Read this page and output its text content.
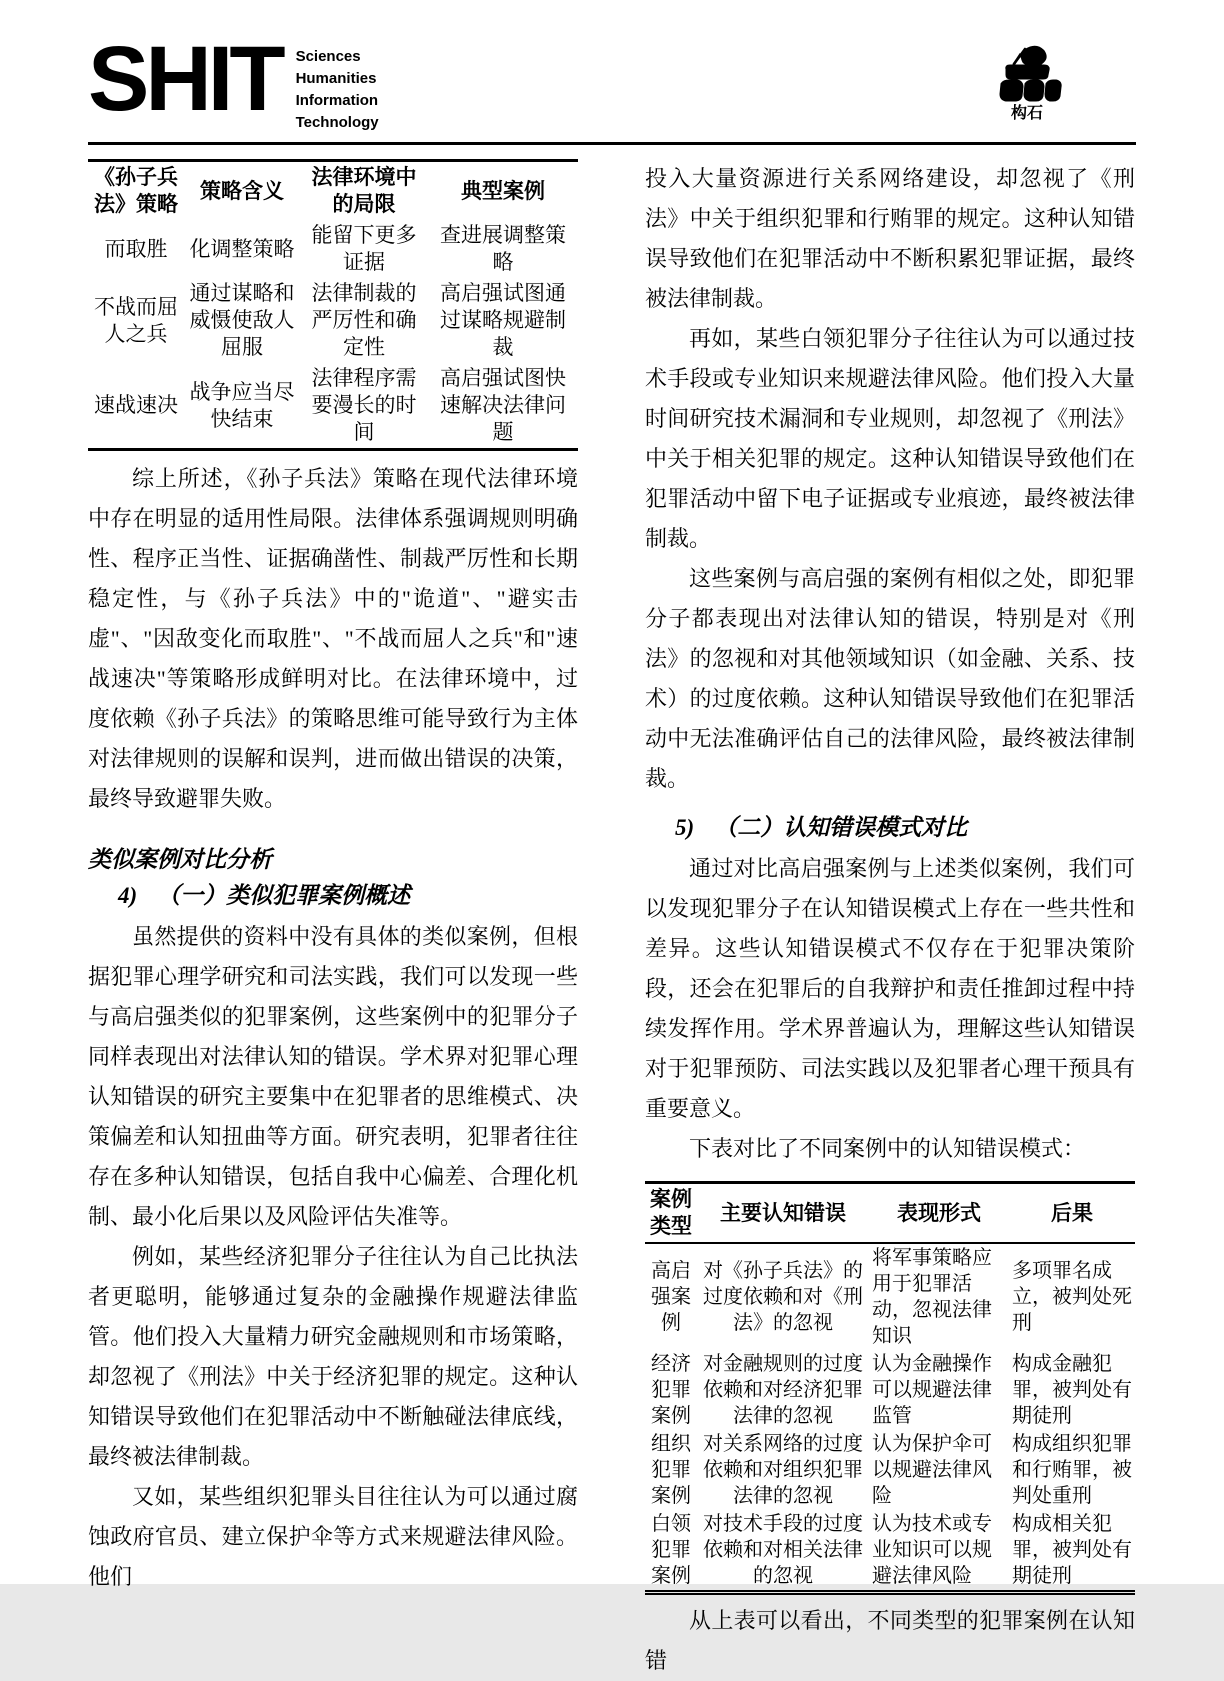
SHIT Sciences
Humanities
Information
Technology
构石
《孙子兵法》策略	策略含义	法律环境中的局限	典型案例
而取胜	化调整策略	能留下更多证据	查进展调整策略
不战而屈人之兵	通过谋略和威慑使敌人屈服	法律制裁的严厉性和确定性	高启强试图通过谋略规避制裁
速战速决	战争应当尽快结束	法律程序需要漫长的时间	高启强试图快速解决法律问题

综上所述，《孙子兵法》策略在现代法律环境中存在明显的适用性局限。法律体系强调规则明确性、程序正当性、证据确凿性、制裁严厉性和长期稳定性，与《孙子兵法》中的"诡道"、"避实击虚"、"因敌变化而取胜"、"不战而屈人之兵"和"速战速决"等策略形成鲜明对比。在法律环境中，过度依赖《孙子兵法》的策略思维可能导致行为主体对法律规则的误解和误判，进而做出错误的决策，最终导致避罪失败。

类似案例对比分析
4) （一）类似犯罪案例概述

虽然提供的资料中没有具体的类似案例，但根据犯罪心理学研究和司法实践，我们可以发现一些与高启强类似的犯罪案例，这些案例中的犯罪分子同样表现出对法律认知的错误。学术界对犯罪心理认知错误的研究主要集中在犯罪者的思维模式、决策偏差和认知扭曲等方面。研究表明，犯罪者往往存在多种认知错误，包括自我中心偏差、合理化机制、最小化后果以及风险评估失准等。

例如，某些经济犯罪分子往往认为自己比执法者更聪明，能够通过复杂的金融操作规避法律监管。他们投入大量精力研究金融规则和市场策略，却忽视了《刑法》中关于经济犯罪的规定。这种认知错误导致他们在犯罪活动中不断触碰法律底线，最终被法律制裁。

又如，某些组织犯罪头目往往认为可以通过腐蚀政府官员、建立保护伞等方式来规避法律风险。他们

投入大量资源进行关系网络建设，却忽视了《刑法》中关于组织犯罪和行贿罪的规定。这种认知错误导致他们在犯罪活动中不断积累犯罪证据，最终被法律制裁。

再如，某些白领犯罪分子往往认为可以通过技术手段或专业知识来规避法律风险。他们投入大量时间研究技术漏洞和专业规则，却忽视了《刑法》中关于相关犯罪的规定。这种认知错误导致他们在犯罪活动中留下电子证据或专业痕迹，最终被法律制裁。

这些案例与高启强的案例有相似之处，即犯罪分子都表现出对法律认知的错误，特别是对《刑法》的忽视和对其他领域知识（如金融、关系、技术）的过度依赖。这种认知错误导致他们在犯罪活动中无法准确评估自己的法律风险，最终被法律制裁。

5) （二）认知错误模式对比

通过对比高启强案例与上述类似案例，我们可以发现犯罪分子在认知错误模式上存在一些共性和差异。这些认知错误模式不仅存在于犯罪决策阶段，还会在犯罪后的自我辩护和责任推卸过程中持续发挥作用。学术界普遍认为，理解这些认知错误对于犯罪预防、司法实践以及犯罪者心理干预具有重要意义。

下表对比了不同案例中的认知错误模式：

案例类型	主要认知错误	表现形式	后果
高启强案例	对《孙子兵法》的过度依赖和对《刑法》的忽视	将军事策略应用于犯罪活动，忽视法律知识	多项罪名成立，被判处死刑
经济犯罪案例	对金融规则的过度依赖和对经济犯罪法律的忽视	认为金融操作可以规避法律监管	构成金融犯罪，被判处有期徒刑
组织犯罪案例	对关系网络的过度依赖和对组织犯罪法律的忽视	认为保护伞可以规避法律风险	构成组织犯罪和行贿罪，被判处重刑
白领犯罪案例	对技术手段的过度依赖和对相关法律的忽视	认为技术或专业知识可以规避法律风险	构成相关犯罪，被判处有期徒刑

从上表可以看出，不同类型的犯罪案例在认知错
